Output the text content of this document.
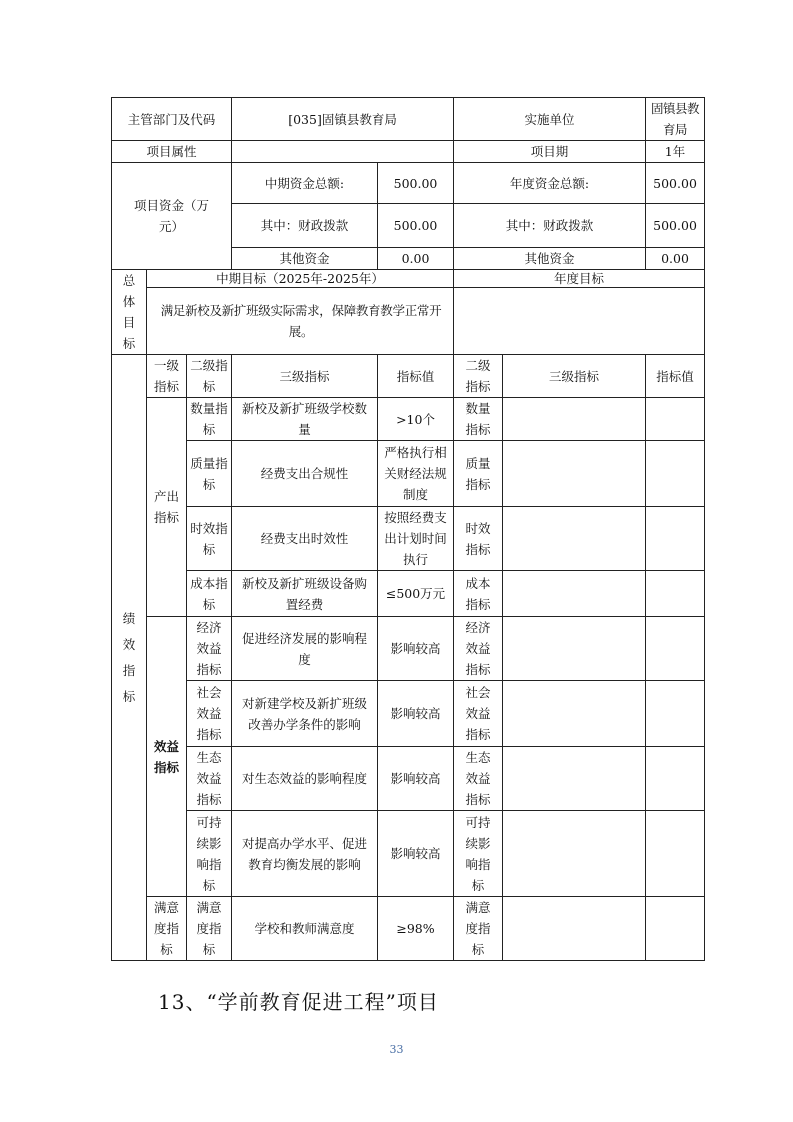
主管部门及代码			[035]固镇县教育局		实施单位		固镇县教育局
项目属性					项目期		1年
项目资金（万元）			中期资金总额:	500.00	年度资金总额:		500.00
			其中：财政拨款	500.00	其中：财政拨款		500.00
			其他资金	0.00	其他资金		0.00
总体目标	中期目标（2025年-2025年）				年度目标		
	满足新校及新扩班级实际需求，保障教育教学正常开展。						
绩效指标	一级指标	二级指标	三级指标	指标值	二级指标	三级指标	指标值
	产出指标	数量指标	新校及新扩班级学校数量	>10个	数量指标		
		质量指标	经费支出合规性	严格执行相关财经法规制度	质量指标		
		时效指标	经费支出时效性	按照经费支出计划时间执行	时效指标		
		成本指标	新校及新扩班级设备购置经费	≤500万元	成本指标		
	效益指标	经济效益指标	促进经济发展的影响程度	影响较高	经济效益指标		
		社会效益指标	对新建学校及新扩班级改善办学条件的影响	影响较高	社会效益指标		
		生态效益指标	对生态效益的影响程度	影响较高	生态效益指标		
		可持续影响指标	对提高办学水平、促进教育均衡发展的影响	影响较高	可持续影响指标		
	满意度指标	满意度指标	学校和教师满意度	≥98%	满意度指标		
13、“学前教育促进工程”项目
33
